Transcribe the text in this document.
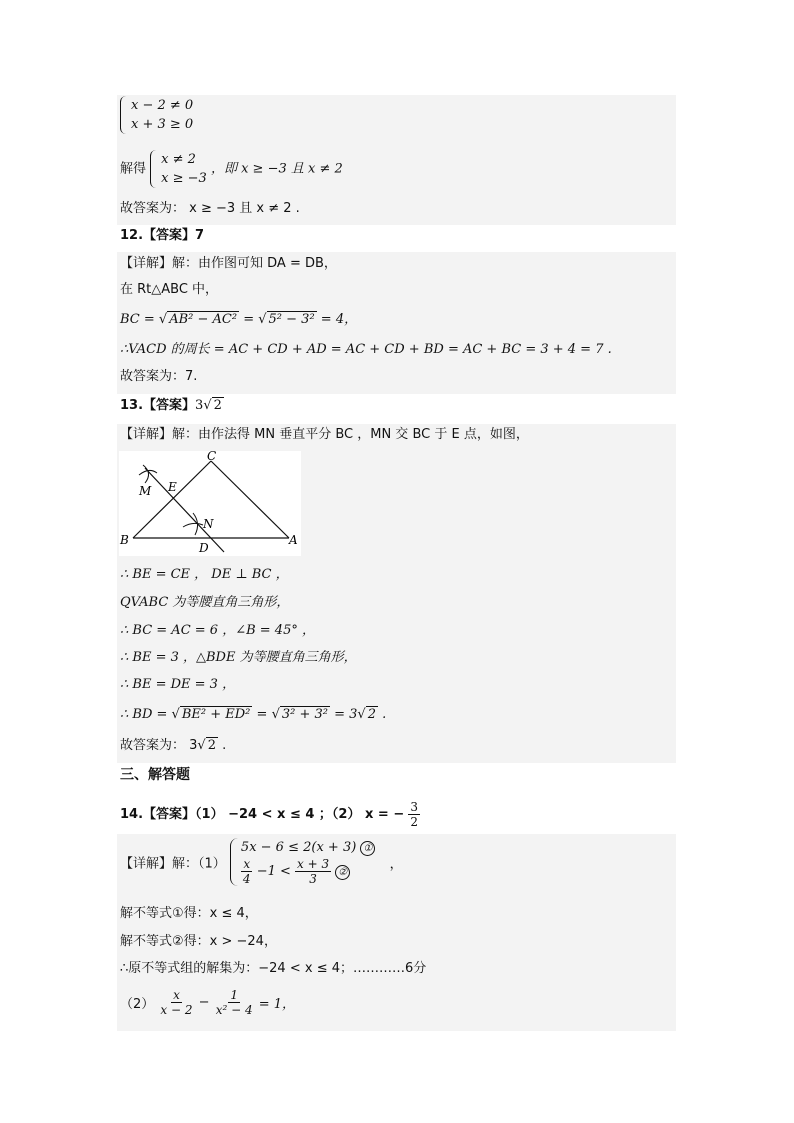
x − 2 ≠ 0
x + 3 ≥ 0
解得
x ≠ 2
x ≥ −3
，即 x ≥ −3 且 x ≠ 2
故答案为： x ≥ −3 且 x ≠ 2 .
12.【答案】7
【详解】解：由作图可知 DA = DB，
在 Rt△ABC 中，
BC = √ AB² − AC² = √ 5² − 3² = 4，
∴VACD 的周长 = AC + CD + AD = AC + CD + BD = AC + BC = 3 + 4 = 7 .
故答案为：7.
13.【答案】3√ 2
【详解】解：由作法得 MN 垂直平分 BC ，MN 交 BC 于 E 点，如图，
C
M E
N
B
D
A
∴ BE = CE ， DE ⊥ BC ，
QVABC 为等腰直角三角形，
∴ BC = AC = 6 ，∠B = 45° ，
∴ BE = 3 ，△BDE 为等腰直角三角形，
∴ BE = DE = 3 ，
∴ BD = √ BE² + ED² = √ 3² + 3² = 3√ 2 .
故答案为： 3√ 2 .
三、解答题
14.【答案】（1） −24 < x ≤ 4 ；（2） x = − $\frac{3}{2}$
【详解】解：（1）
5x − 6 ≤ 2(x + 3) ①
$\frac{x}{4} -1 < \frac{x + 3}{3}$ ②
，
解不等式①得：x ≤ 4，
解不等式②得：x > −24，
∴原不等式组的解集为：−24 < x ≤ 4；…………6分
$(2) \frac{x}{x - 2} - \frac{1}{\text{x² − 4}} = 1$，
